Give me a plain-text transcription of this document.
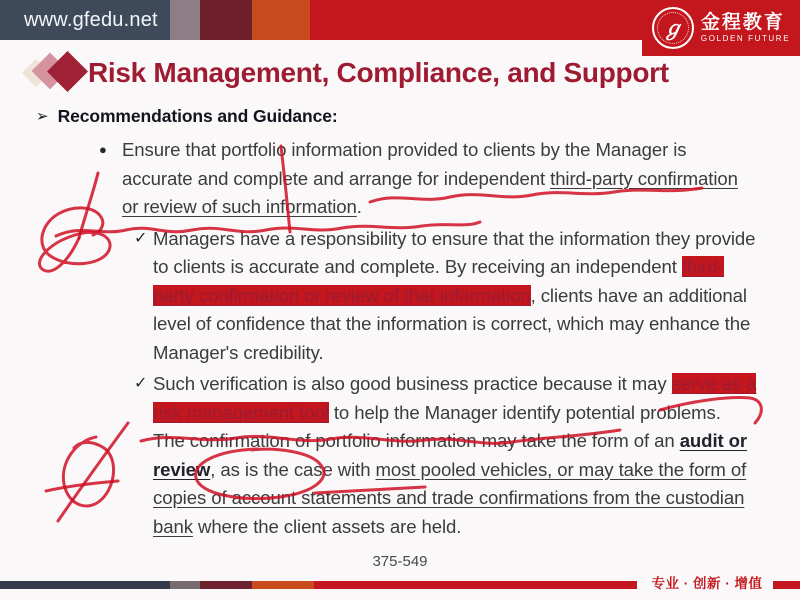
www.gfedu.net	ℊ 金程教育
GOLDEN FUTURE
Risk Management, Compliance, and Support
➢ Recommendations and Guidance:
● Ensure that portfolio information provided to clients by the Manager is accurate and complete and arrange for independent third-party confirmation or review of such information.
✓ Managers have a responsibility to ensure that the information they provide to clients is accurate and complete. By receiving an independent third-party confirmation or review of that information, clients have an additional level of confidence that the information is correct, which may enhance the Manager's credibility.
✓ Such verification is also good business practice because it may serve as a risk management tool to help the Manager identify potential problems. The confirmation of portfolio information may take the form of an audit or review, as is the case with most pooled vehicles, or may take the form of copies of account statements and trade confirmations from the custodian bank where the client assets are held.
375-549
专业 · 创新 · 增值
